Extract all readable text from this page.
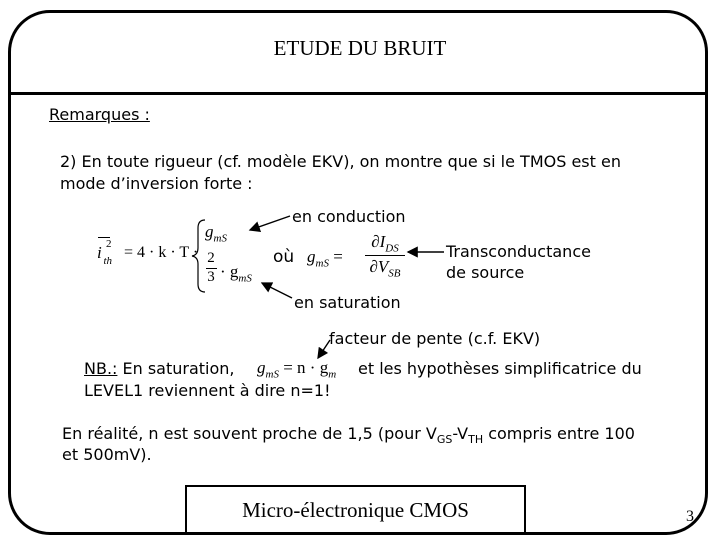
ETUDE DU BRUIT
Remarques :
2) En toute rigueur (cf. modèle EKV), on montre que si le TMOS est en
mode d’inversion forte :
i $^2_{th}$
= 4 · k · T ·
$g_{mS}$
2
$3 \cdot g_{mS}$
où $g_{mS}$ =
$\partial I_{DS}$
$\partial V_{SB}$
en conduction
Transconductance
de source
en saturation
facteur de pente (c.f. EKV)
NB.: En saturation, $g_{mS} = n \cdot g_m$ et les hypothèses simplificatrice du
LEVEL1 reviennent à dire n=1!
En réalité, n est souvent proche de 1,5 (pour $V_{GS}-V_{TH}$ compris entre 100
et 500mV).
Micro-électronique CMOS	3
